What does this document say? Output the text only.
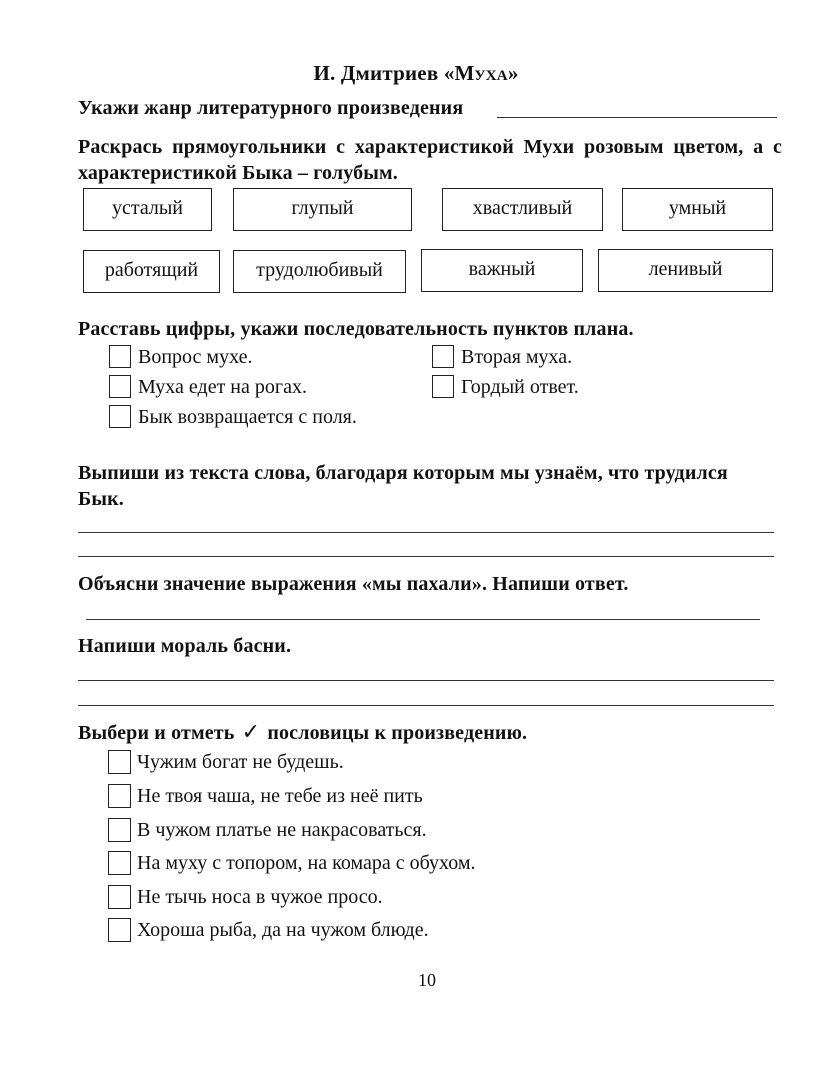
И. Дмитриев «Муха»
Укажи жанр литературного произведения
Раскрась прямоугольники с характеристикой Мухи розовым цветом, а с характеристикой Быка – голубым.
усталый	глупый	хвастливый	умный
работящий	трудолюбивый	важный	ленивый
Расставь цифры, укажи последовательность пунктов плана.
Вопрос мухе.
Муха едет на рогах.
Бык возвращается с поля.
Вторая муха.
Гордый ответ.
Выпиши из текста слова, благодаря которым мы узнаём, что трудился
Бык.
Объясни значение выражения «мы пахали». Напиши ответ.
Напиши мораль басни.
Выбери и отметь ✓ пословицы к произведению.
Чужим богат не будешь.
Не твоя чаша, не тебе из неё пить
В чужом платье не накрасоваться.
На муху с топором, на комара с обухом.
Не тычь носа в чужое просо.
Хороша рыба, да на чужом блюде.
10
